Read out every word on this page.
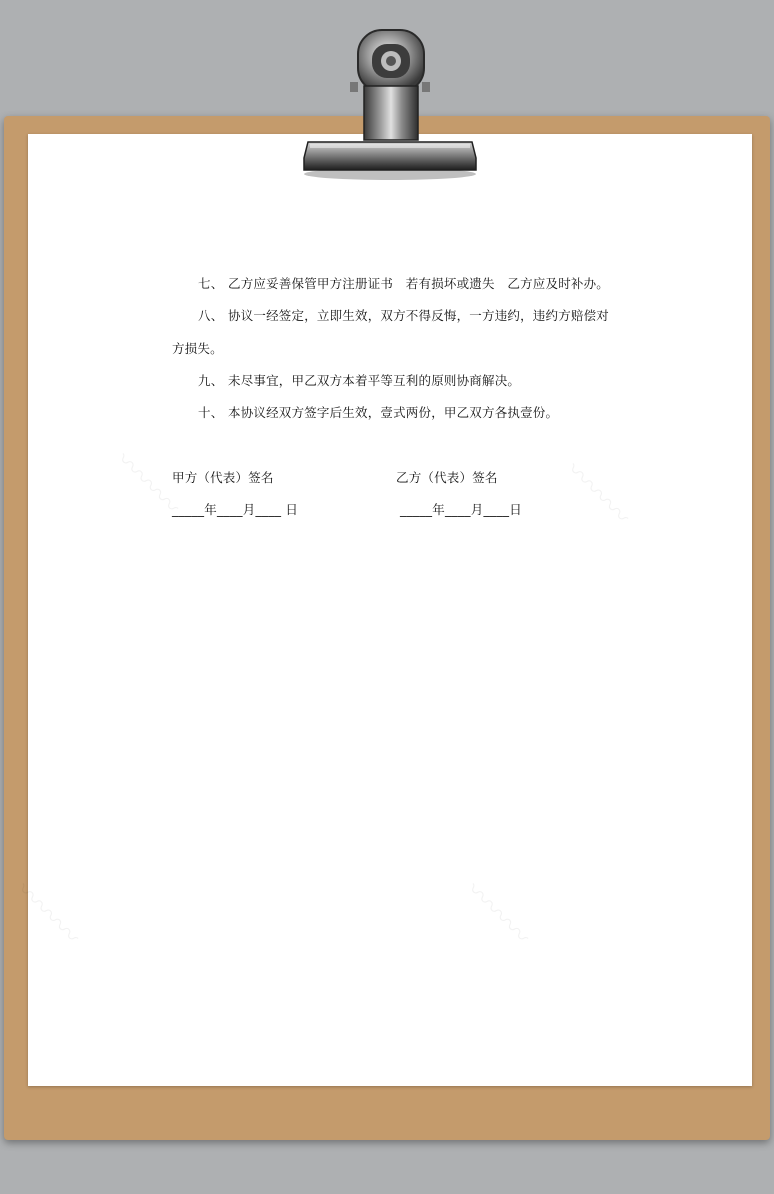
〰〰〰	〰〰〰
〰〰〰	〰〰〰
七、 乙方应妥善保管甲方注册证书　若有损坏或遗失　乙方应及时补办。
八、 协议一经签定，立即生效，双方不得反悔，一方违约，违约方赔偿对
方损失。
九、 未尽事宜，甲乙双方本着平等互利的原则协商解决。
十、 本协议经双方签字后生效，壹式两份，甲乙双方各执壹份。
甲方（代表）签名	乙方（代表）签名
_____年____月____ 日	_____年____月____日
